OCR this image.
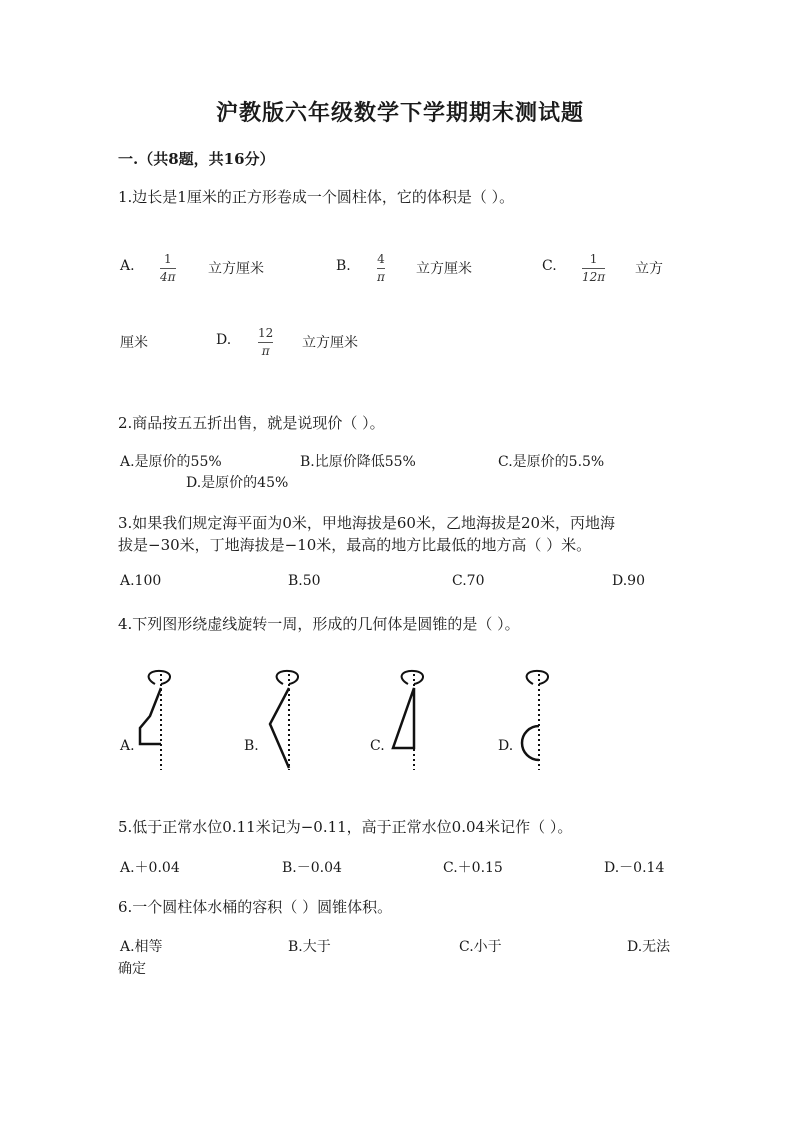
沪教版六年级数学下学期期末测试题
一.（共8题，共16分）
1.边长是1厘米的正方形卷成一个圆柱体，它的体积是（ ）。
A. 1
4π 立方厘米	B. 4
π 立方厘米	C.	1
12π 立方
厘米	D. 12
π 立方厘米
2.商品按五五折出售，就是说现价（ ）。
A.是原价的55%	B.比原价降低55%	C.是原价的5.5%
D.是原价的45%
3.如果我们规定海平面为0米，甲地海拔是60米，乙地海拔是20米，丙地海
拔是−30米，丁地海拔是−10米，最高的地方比最低的地方高（ ）米。
A.100	B.50	C.70	D.90
4.下列图形绕虚线旋转一周，形成的几何体是圆锥的是（ ）。
A.	B.	C.	D.
5.低于正常水位0.11米记为−0.11，高于正常水位0.04米记作（ ）。
A.＋0.04	B.－0.04	C.＋0.15	D.－0.14
6.一个圆柱体水桶的容积（ ）圆锥体积。
A.相等	B.大于	C.小于	D.无法
确定
